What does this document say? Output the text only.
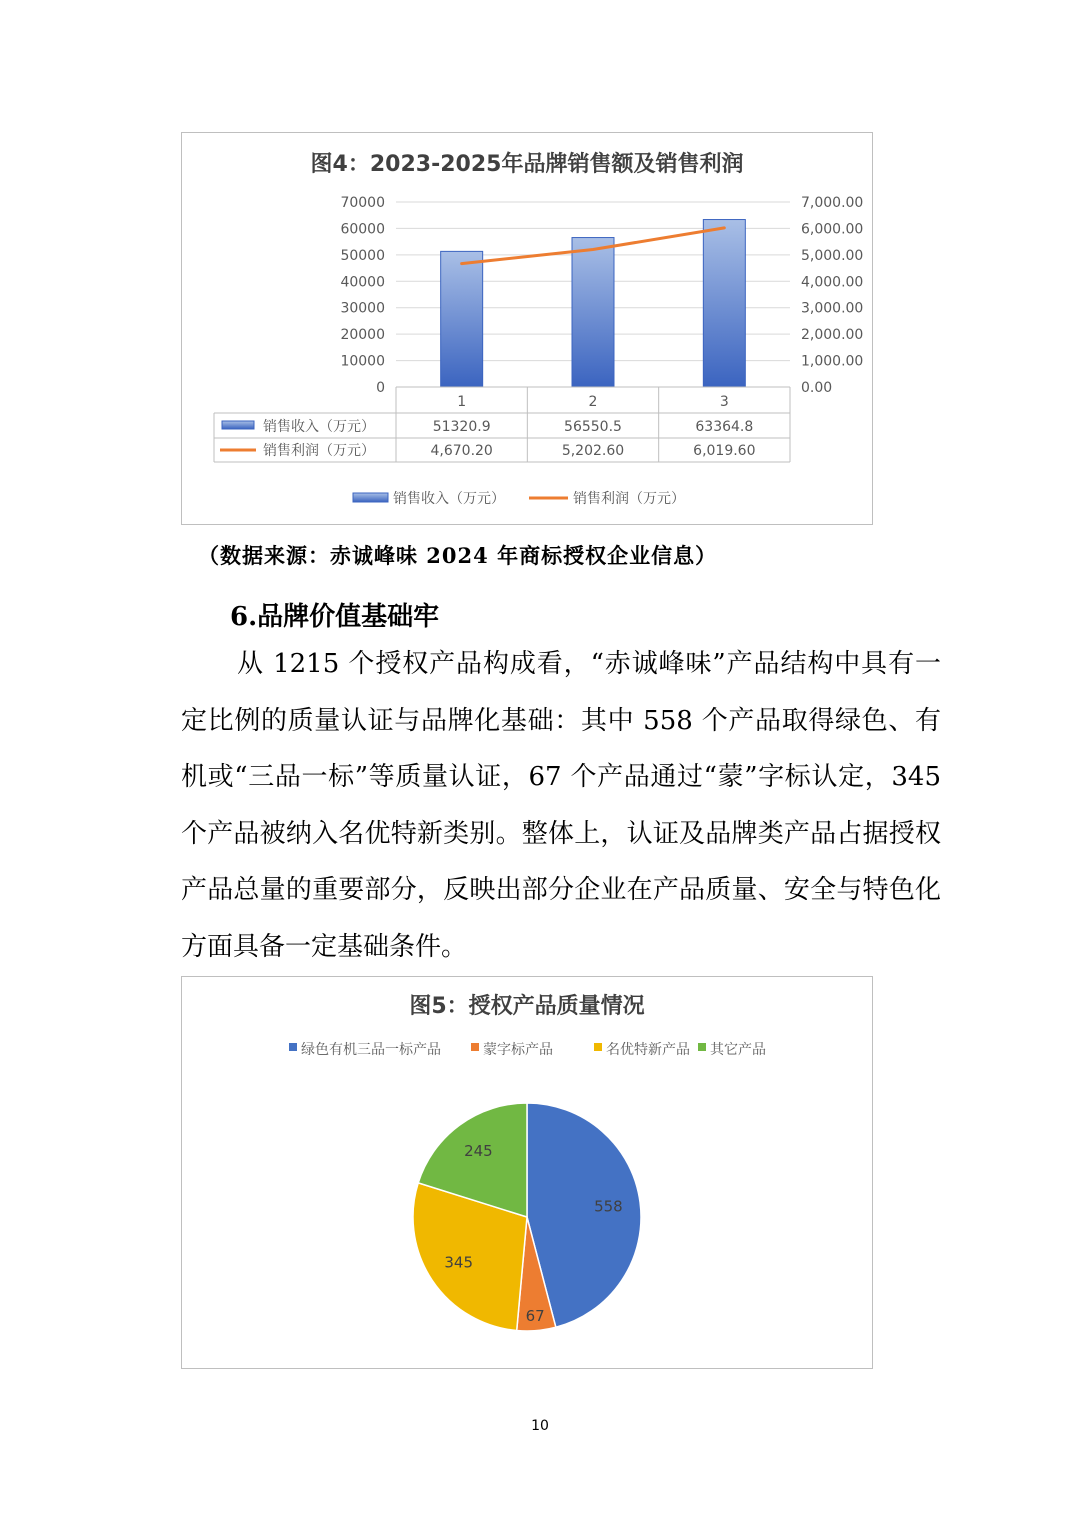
图4：2023-2025年品牌销售额及销售利润
0
10000
20000
30000
40000
50000
60000
70000
0.00
1,000.00
2,000.00
3,000.00
4,000.00
5,000.00
6,000.00
7,000.00
1	2	3
销售收入（万元）	51320.9	56550.5	63364.8
销售利润（万元）	4,670.20	5,202.60	6,019.60
销售收入（万元）	销售利润（万元）
（数据来源：赤诚峰味 2024 年商标授权企业信息）
6.品牌价值基础牢
从 1215 个授权产品构成看，“赤诚峰味”产品结构中具有一定比例的质量认证与品牌化基础：其中 558 个产品取得绿色、有机或“三品一标”等质量认证，67 个产品通过“蒙”字标认定，345 个产品被纳入名优特新类别。整体上，认证及品牌类产品占据授权产品总量的重要部分，反映出部分企业在产品质量、安全与特色化方面具备一定基础条件。
图5：授权产品质量情况
绿色有机三品一标产品	蒙字标产品	名优特新产品 其它产品
558
67
345
245
10
